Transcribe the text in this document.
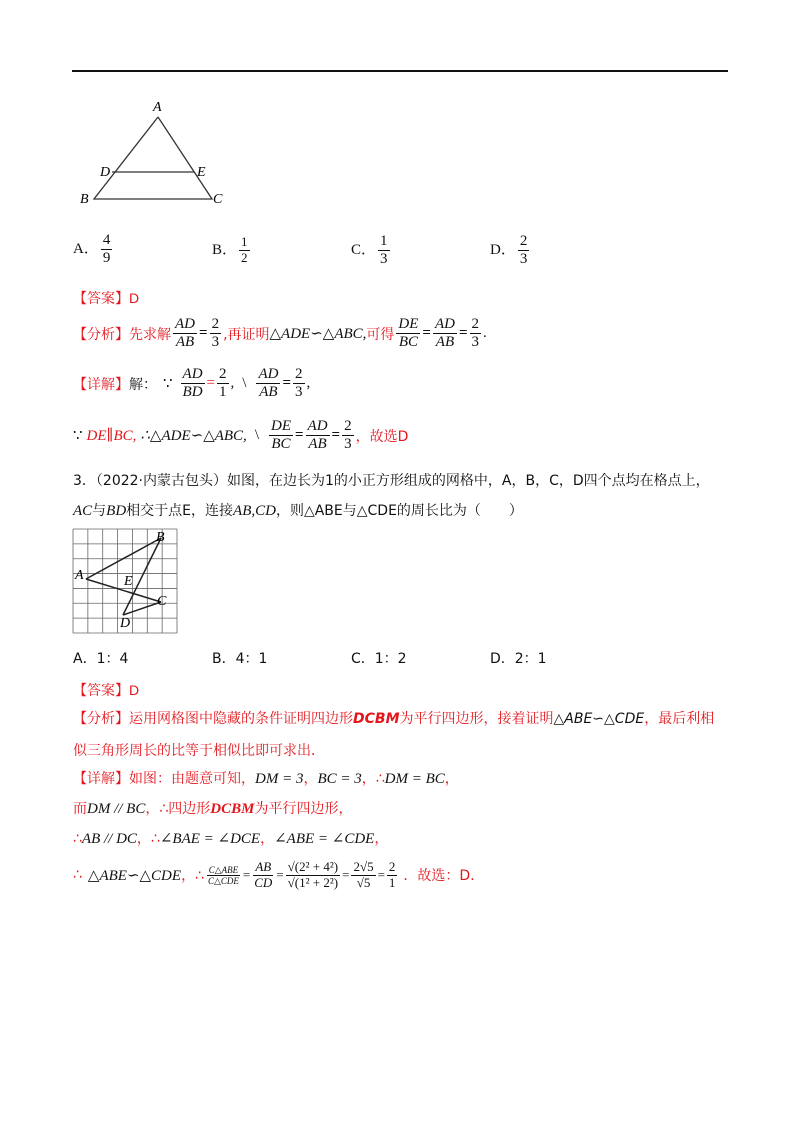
A
D	E
B	C
A． $\frac{4}{9}$	B． $\frac{1}{2}$	C． $\frac{1}{3}$	D． $\frac{2}{3}$
【答案】D
【分析】 先求解 $\frac{AD}{AB} = \frac{2}{3}$ ,再证明 △ADE∽△ABC, 可得 $\frac{DE}{BC} = \frac{AD}{AB} = \frac{2}{3}$ .
【详解】 解： ∵ $\frac{AD}{BD} = \frac{2}{1}$ , \ $\frac{AD}{AB} = \frac{2}{3}$ ,
∵ DE∥BC, ∴△ADE∽△ABC, \ $\frac{DE}{BC} = \frac{AD}{AB} = \frac{2}{3}$ ，故选D
3．（2022·内蒙古包头）如图，在边长为1的小正方形组成的网格中，A，B，C，D四个点均在格点上，
AC与BD相交于点E，连接AB,CD，则△ABE与△CDE的周长比为（　　）
A
B
E
C
D
A．1：4	B．4：1	C．1：2	D．2：1
【答案】D
【分析】运用网格图中隐藏的条件证明四边形DCBM为平行四边形，接着证明△ABE∽△CDE，最后利相
似三角形周长的比等于相似比即可求出．
【详解】如图：由题意可知，DM = 3，BC = 3，∴DM = BC，
而DM // BC，∴四边形DCBM为平行四边形，
∴AB // DC，∴∠BAE = ∠DCE，∠ABE = ∠CDE，
∴ △ABE∽△CDE ，∴ $\frac{\text{C△ABE}}{\text{C△CDE}} = \frac{AB}{CD} = \frac{\text{√(2² + 4²)}}{\text{√(1² + 2²)}} = \frac{2√5}{√5} = \frac{2}{1}$ ．故选：D．
